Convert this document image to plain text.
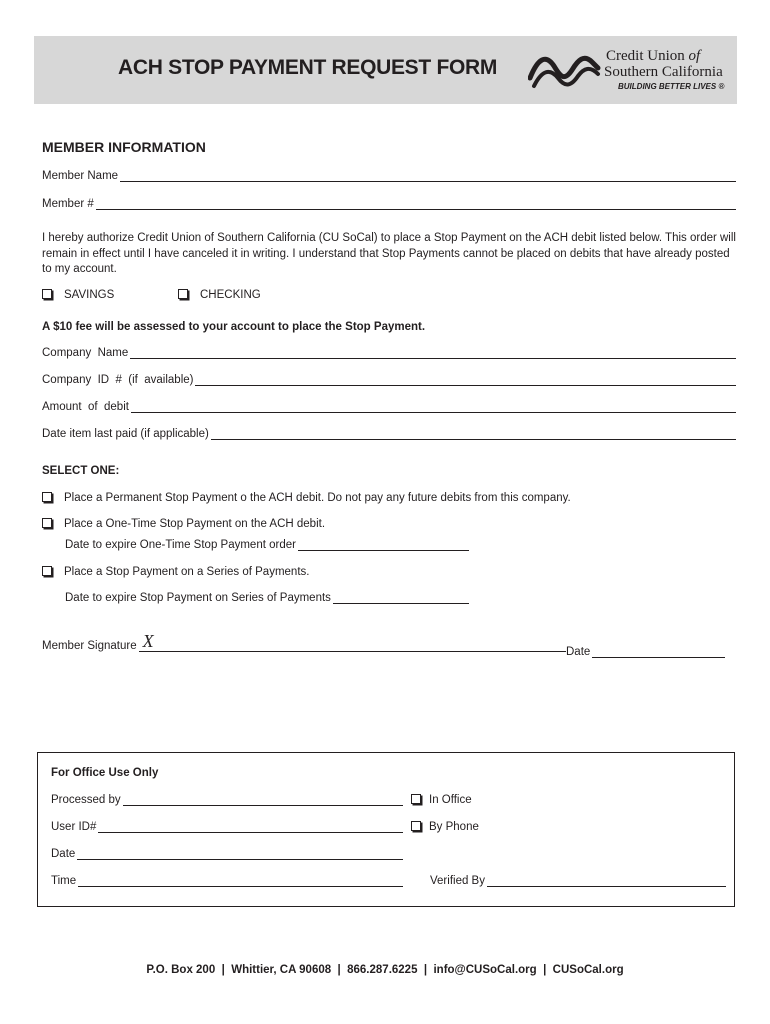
ACH STOP PAYMENT REQUEST FORM	Credit Union of
Southern California
BUILDING BETTER LIVES ®
MEMBER INFORMATION
Member Name
Member #
I hereby authorize Credit Union of Southern California (CU SoCal) to place a Stop Payment on the ACH debit listed below. This order will remain in effect until I have canceled it in writing. I understand that Stop Payments cannot be placed on debits that have already posted to my account.
SAVINGS	CHECKING
A $10 fee will be assessed to your account to place the Stop Payment.
Company  Name
Company  ID  #  (if  available)
Amount  of  debit
Date item last paid (if applicable)
SELECT ONE:
Place a Permanent Stop Payment o the ACH debit. Do not pay any future debits from this company.
Place a One-Time Stop Payment on the ACH debit.
Date to expire One-Time Stop Payment order
Place a Stop Payment on a Series of Payments.
Date to expire Stop Payment on Series of Payments
Member Signature X
Date
For Office Use Only
Processed by	In Office
User ID#	By Phone
Date
Time	Verified By
P.O. Box 200  |  Whittier, CA 90608  |  866.287.6225  |  info@CUSoCal.org  |  CUSoCal.org
